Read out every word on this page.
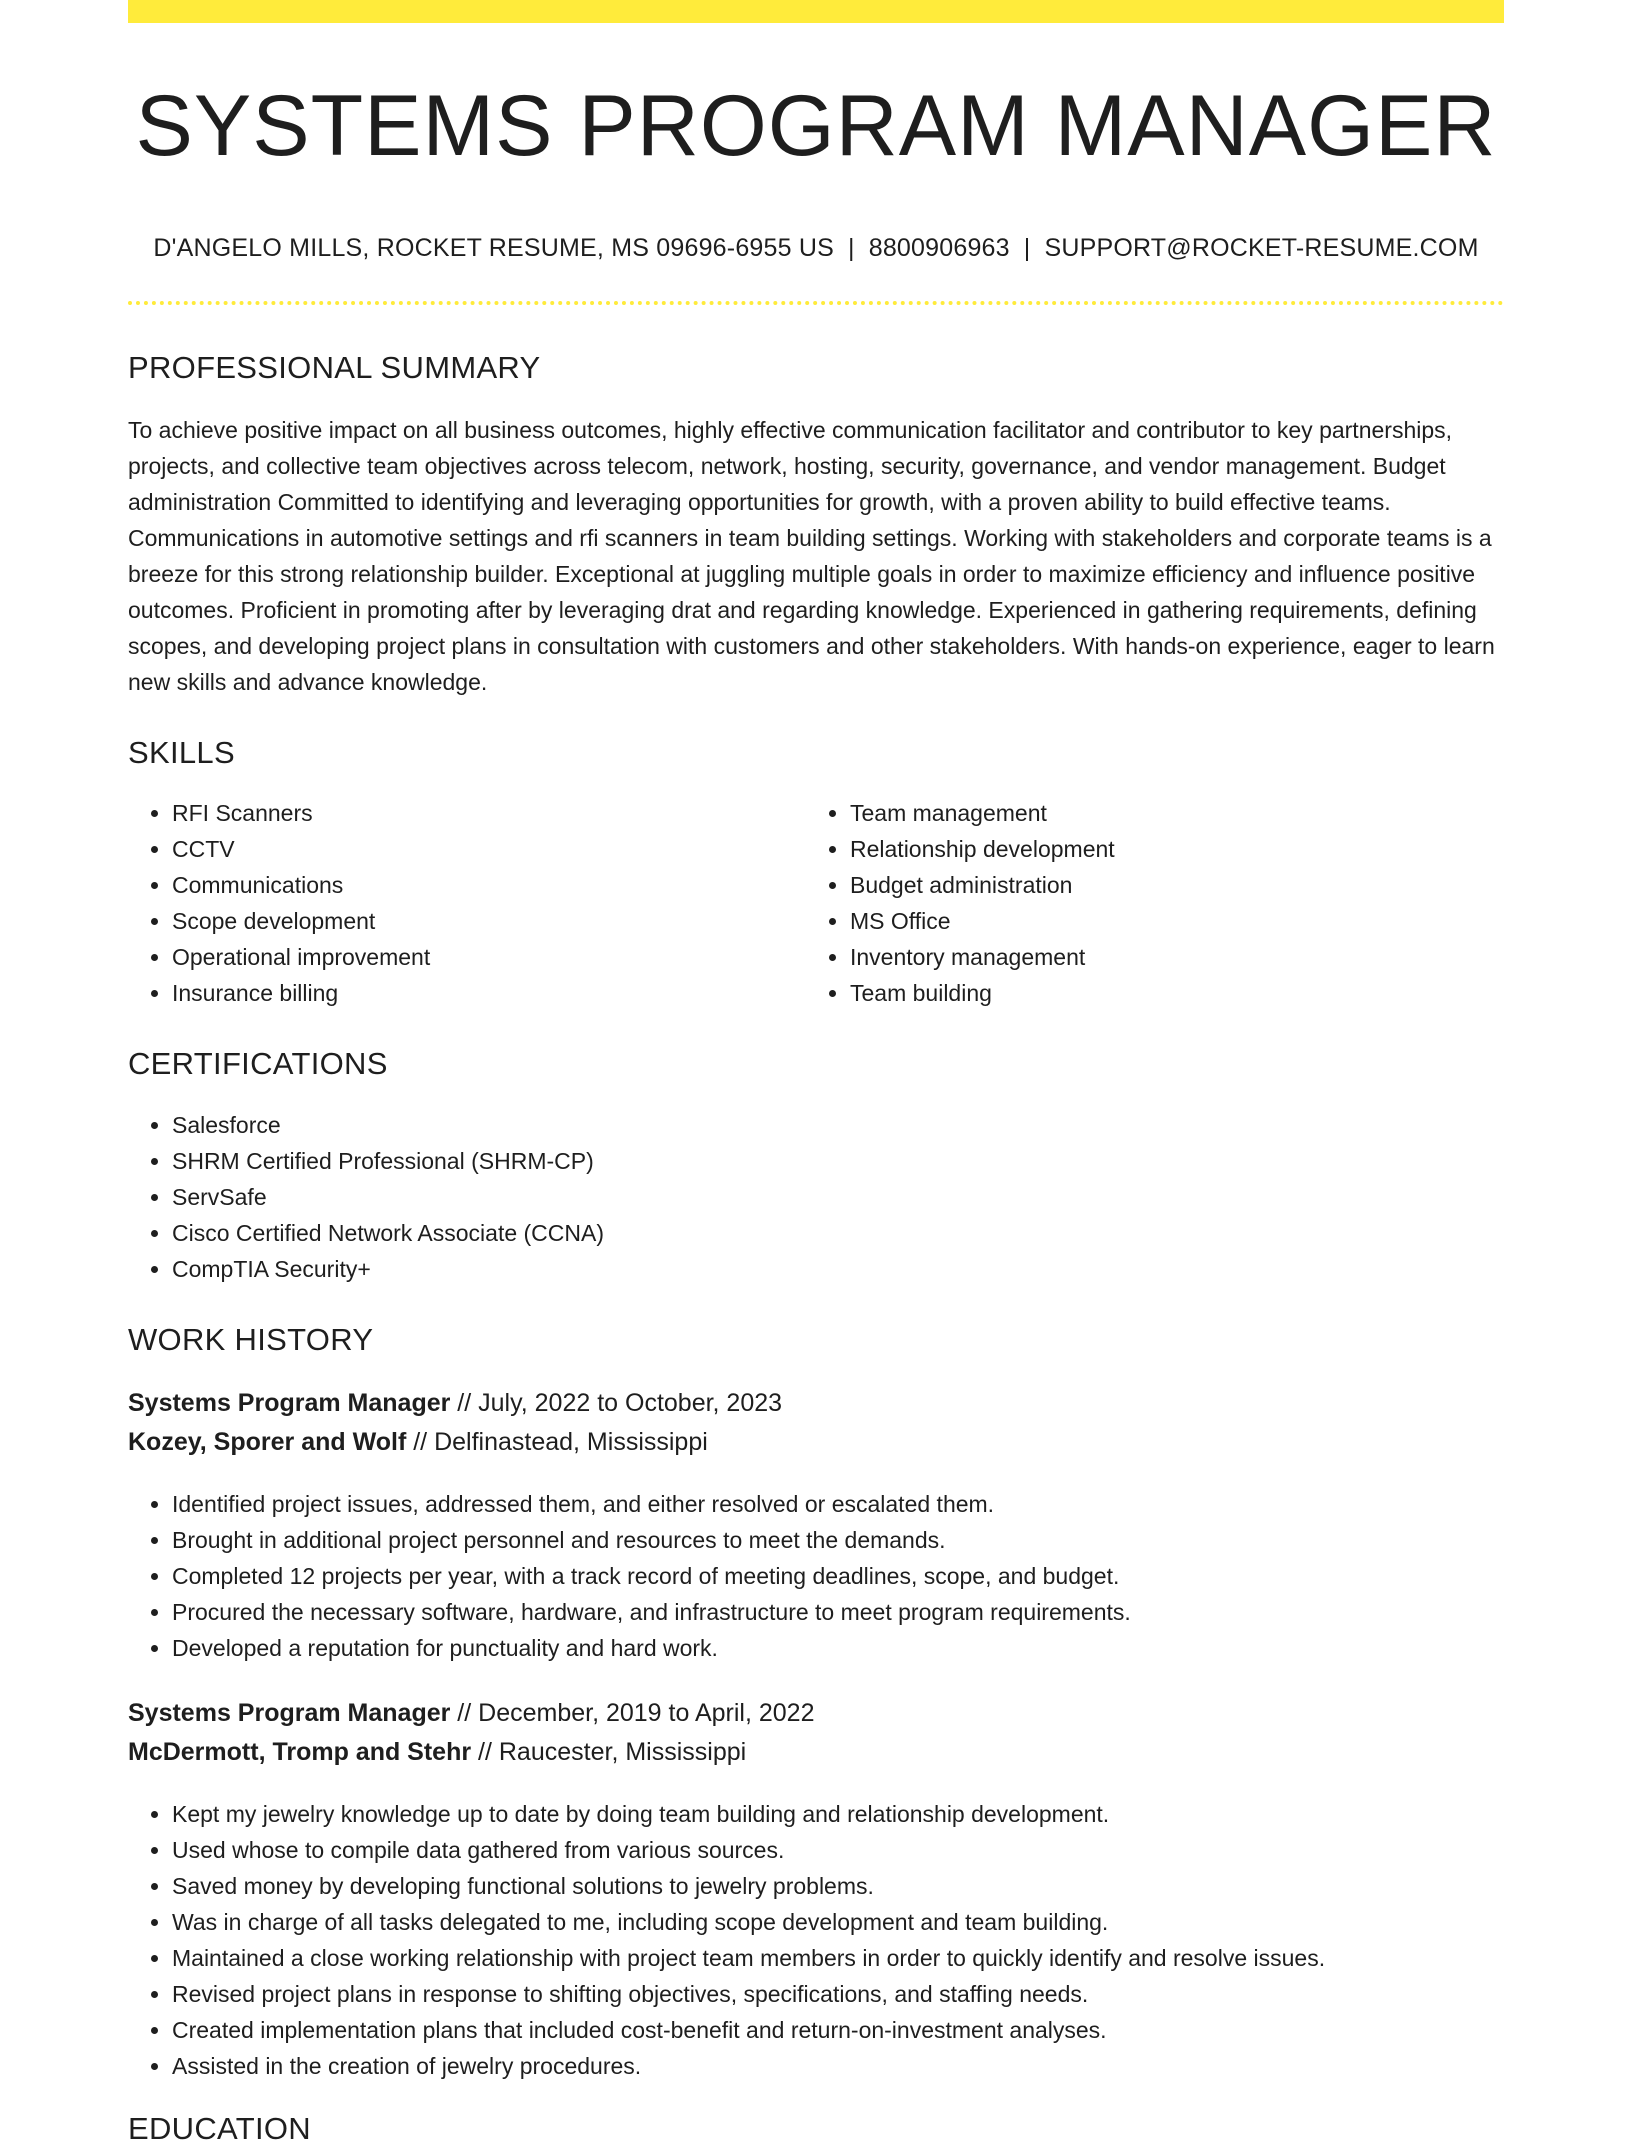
SYSTEMS PROGRAM MANAGER
D'ANGELO MILLS, ROCKET RESUME, MS 09696-6955 US | 8800906963 | SUPPORT@ROCKET-RESUME.COM
PROFESSIONAL SUMMARY

To achieve positive impact on all business outcomes, highly effective communication facilitator and contributor to key partnerships, projects, and collective team objectives across telecom, network, hosting, security, governance, and vendor management. Budget administration Committed to identifying and leveraging opportunities for growth, with a proven ability to build effective teams. Communications in automotive settings and rfi scanners in team building settings. Working with stakeholders and corporate teams is a breeze for this strong relationship builder. Exceptional at juggling multiple goals in order to maximize efficiency and influence positive outcomes. Proficient in promoting after by leveraging drat and regarding knowledge. Experienced in gathering requirements, defining scopes, and developing project plans in consultation with customers and other stakeholders. With hands-on experience, eager to learn new skills and advance knowledge.

SKILLS
• RFI Scanners
• CCTV
• Communications
• Scope development
• Operational improvement
• Insurance billing
• Team management
• Relationship development
• Budget administration
• MS Office
• Inventory management
• Team building
CERTIFICATIONS
• Salesforce
• SHRM Certified Professional (SHRM-CP)
• ServSafe
• Cisco Certified Network Associate (CCNA)
• CompTIA Security+
WORK HISTORY
Systems Program Manager // July, 2022 to October, 2023
Kozey, Sporer and Wolf // Delfinastead, Mississippi
• Identified project issues, addressed them, and either resolved or escalated them.
• Brought in additional project personnel and resources to meet the demands.
• Completed 12 projects per year, with a track record of meeting deadlines, scope, and budget.
• Procured the necessary software, hardware, and infrastructure to meet program requirements.
• Developed a reputation for punctuality and hard work.
Systems Program Manager // December, 2019 to April, 2022
McDermott, Tromp and Stehr // Raucester, Mississippi
• Kept my jewelry knowledge up to date by doing team building and relationship development.
• Used whose to compile data gathered from various sources.
• Saved money by developing functional solutions to jewelry problems.
• Was in charge of all tasks delegated to me, including scope development and team building.
• Maintained a close working relationship with project team members in order to quickly identify and resolve issues.
• Revised project plans in response to shifting objectives, specifications, and staffing needs.
• Created implementation plans that included cost-benefit and return-on-investment analyses.
• Assisted in the creation of jewelry procedures.
EDUCATION
